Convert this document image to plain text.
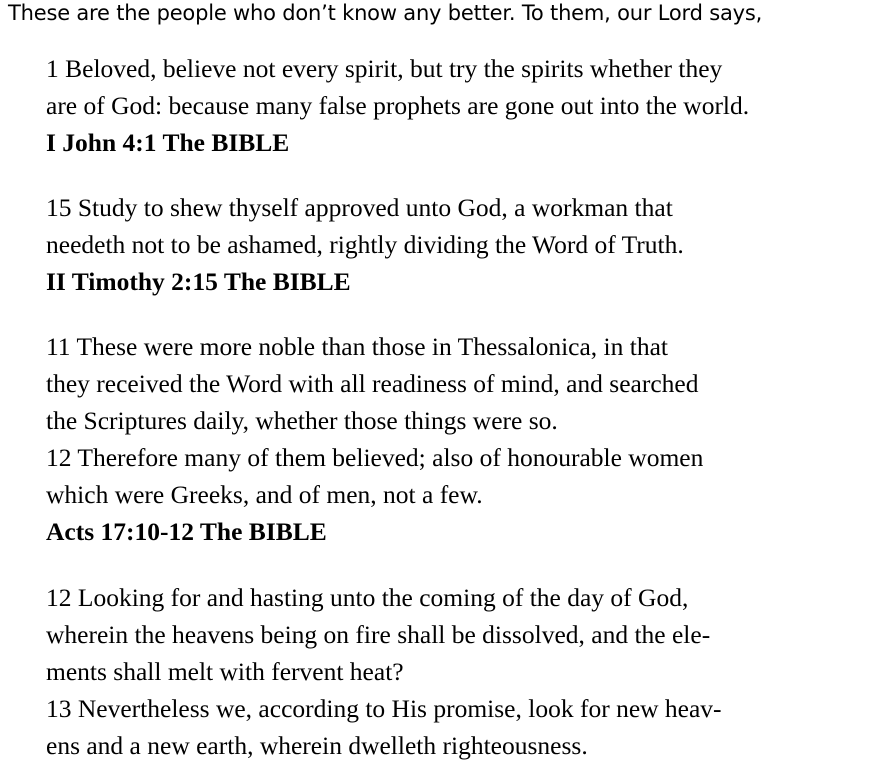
These are the people who don’t know any better. To them, our Lord says,
1 Beloved, believe not every spirit, but try the spirits whether they
are of God: because many false prophets are gone out into the world.
I John 4:1 The BIBLE
15 Study to shew thyself approved unto God, a workman that
needeth not to be ashamed, rightly dividing the Word of Truth.
II Timothy 2:15 The BIBLE
11 These were more noble than those in Thessalonica, in that
they received the Word with all readiness of mind, and searched
the Scriptures daily, whether those things were so.
12 Therefore many of them believed; also of honourable women
which were Greeks, and of men, not a few.
Acts 17:10-12 The BIBLE
12 Looking for and hasting unto the coming of the day of God,
wherein the heavens being on fire shall be dissolved, and the ele-
ments shall melt with fervent heat?
13 Nevertheless we, according to His promise, look for new heav-
ens and a new earth, wherein dwelleth righteousness.
